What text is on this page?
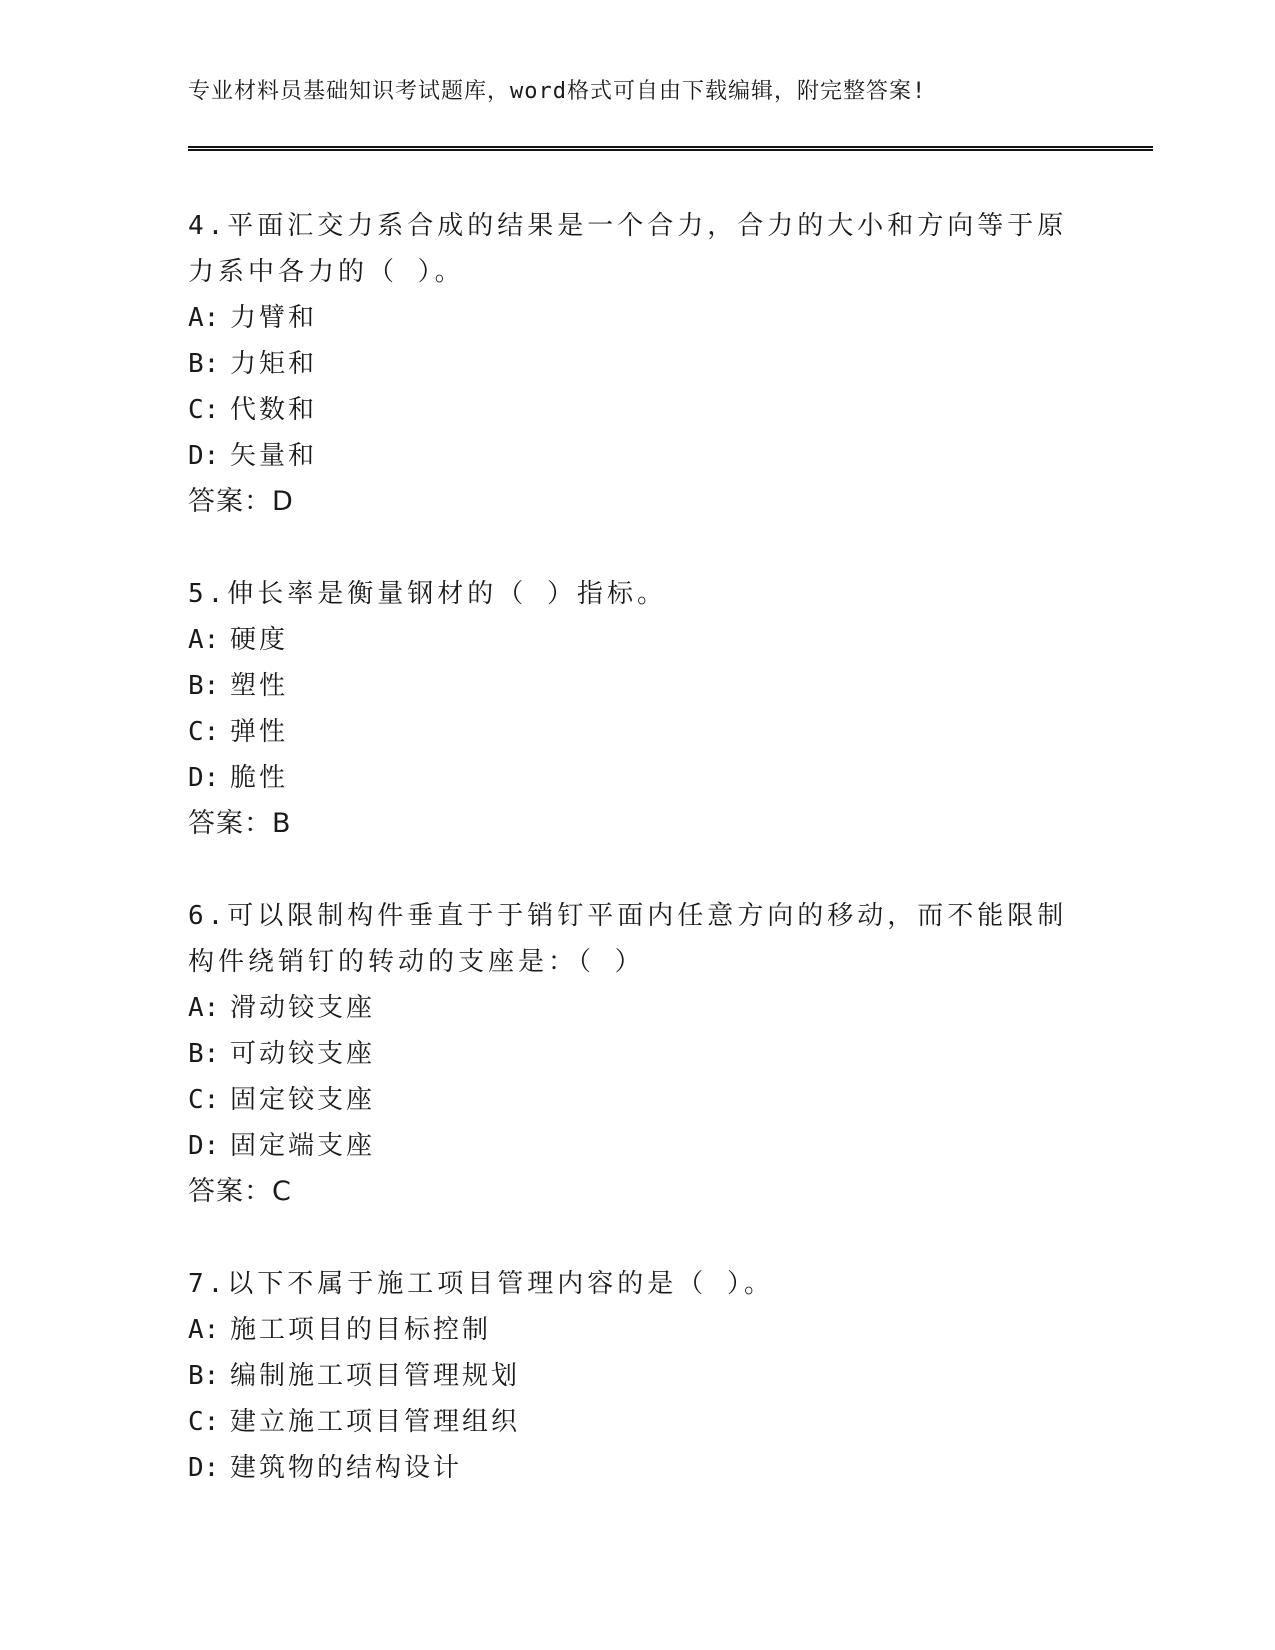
专业材料员基础知识考试题库，word格式可自由下载编辑，附完整答案!

4.平面汇交力系合成的结果是一个合力，合力的大小和方向等于原力系中各力的（ ）。

A: 力臂和

B: 力矩和

C: 代数和

D: 矢量和

答案：D

5.伸长率是衡量钢材的（ ）指标。

A: 硬度

B: 塑性

C: 弹性

D: 脆性

答案：B

6.可以限制构件垂直于于销钉平面内任意方向的移动，而不能限制构件绕销钉的转动的支座是：（ ）

A: 滑动铰支座

B: 可动铰支座

C: 固定铰支座

D: 固定端支座

答案：C

7.以下不属于施工项目管理内容的是（ ）。

A: 施工项目的目标控制

B: 编制施工项目管理规划

C: 建立施工项目管理组织

D: 建筑物的结构设计
